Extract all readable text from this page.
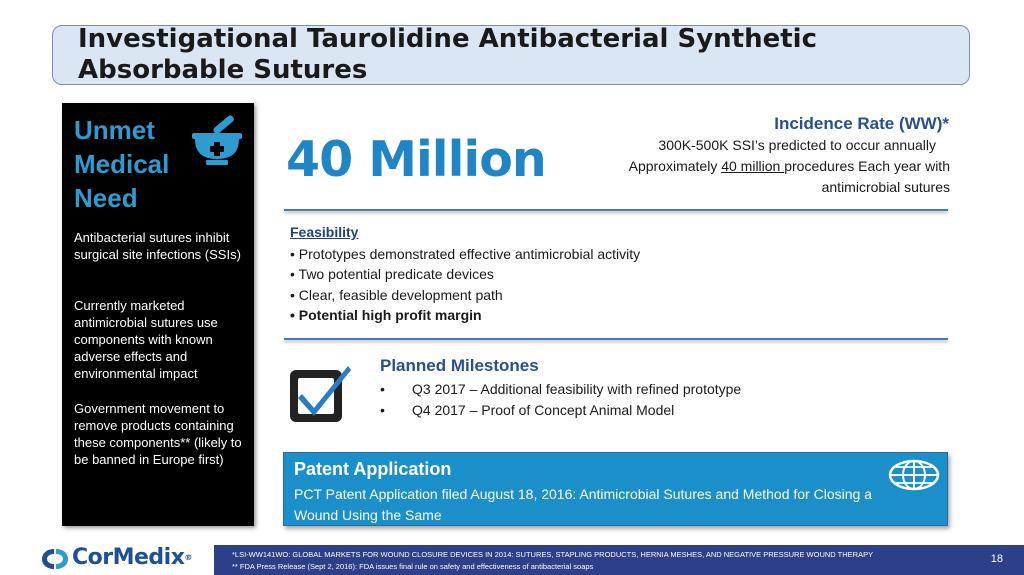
Investigational Taurolidine Antibacterial Synthetic
Absorbable Sutures
Unmet
Medical
Need
Antibacterial sutures inhibit surgical site infections (SSIs)
Currently marketed antimicrobial sutures use components with known adverse effects and environmental impact
Government movement to remove products containing these components** (likely to be banned in Europe first)
40 Million
Incidence Rate (WW)*
300K-500K SSI’s predicted to occur annually
Approximately 40 million procedures Each year with
antimicrobial sutures
Feasibility
• Prototypes demonstrated effective antimicrobial activity
• Two potential predicate devices
• Clear, feasible development path
• Potential high profit margin
Planned Milestones
• Q3 2017 – Additional feasibility with refined prototype
• Q4 2017 – Proof of Concept Animal Model
Patent Application
PCT Patent Application filed August 18, 2016: Antimicrobial Sutures and Method for Closing a Wound Using the Same
CorMedix®	*LSI-WW141WO: GLOBAL MARKETS FOR WOUND CLOSURE DEVICES IN 2014: SUTURES, STAPLING PRODUCTS, HERNIA MESHES, AND NEGATIVE PRESSURE WOUND THERAPY
** FDA Press Release (Sept 2, 2016): FDA issues final rule on safety and effectiveness of antibacterial soaps
18
